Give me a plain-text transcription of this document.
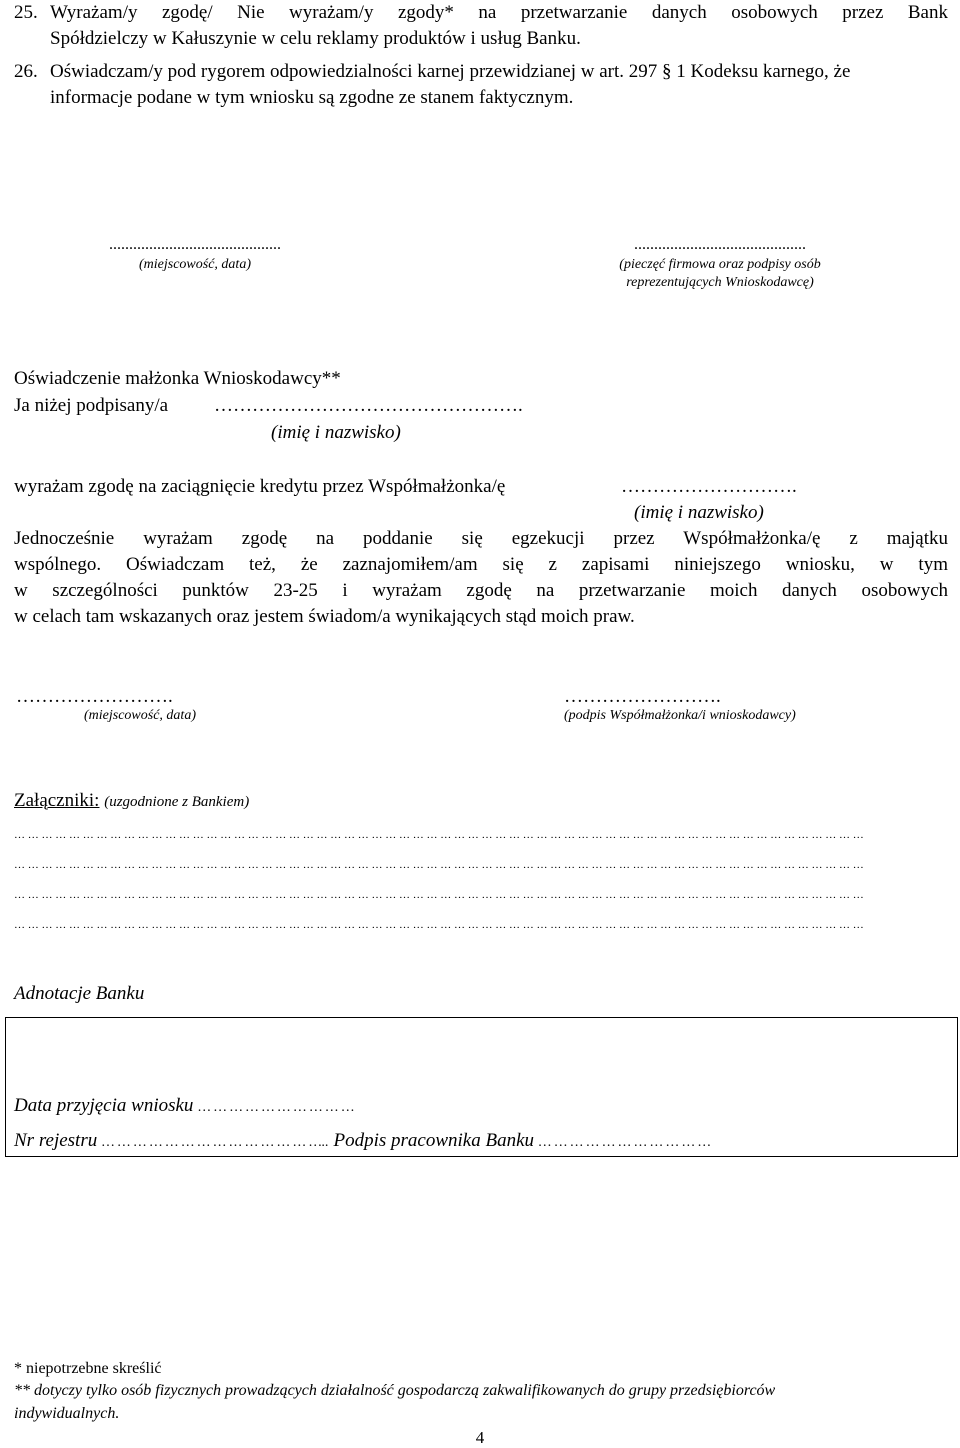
25. Wyrażam/y zgodę/ Nie wyrażam/y zgody* na przetwarzanie danych osobowych przez Bank
Spółdzielczy w Kałuszynie w celu reklamy produktów i usług Banku.
26. Oświadczam/y pod rygorem odpowiedzialności karnej przewidzianej w art. 297 § 1 Kodeksu karnego, że
informacje podane w tym wniosku są zgodne ze stanem faktycznym.
...........................................
(miejscowość, data)
...........................................
(pieczęć firmowa oraz podpisy osób
reprezentujących Wnioskodawcę)
Oświadczenie małżonka Wnioskodawcy**
Ja niżej podpisany/a ………………………………………….
(imię i nazwisko)
wyrażam zgodę na zaciągnięcie kredytu przez Współmałżonka/ę	……………………….
(imię i nazwisko)
Jednocześnie wyrażam zgodę na poddanie się egzekucji przez Współmałżonka/ę z majątku
wspólnego. Oświadczam też, że zaznajomiłem/am się z zapisami niniejszego wniosku, w tym
w szczególności punktów 23-25 i wyrażam zgodę na przetwarzanie moich danych osobowych
w celach tam wskazanych oraz jestem świadom/a wynikających stąd moich praw.
…………………….
(miejscowość, data)
…………………….
(podpis Współmałżonka/i wnioskodawcy)
Załączniki: (uzgodnione z Bankiem)
… … … … … … … … … … … … … … … … … … … … … … … … … … … … … … … … … … … … … … … … … … … … … … … … … … … … … … … … … … … … … …
… … … … … … … … … … … … … … … … … … … … … … … … … … … … … … … … … … … … … … … … … … … … … … … … … … … … … … … … … … … … … …
… … … … … … … … … … … … … … … … … … … … … … … … … … … … … … … … … … … … … … … … … … … … … … … … … … … … … … … … … … … … … …
… … … … … … … … … … … … … … … … … … … … … … … … … … … … … … … … … … … … … … … … … … … … … … … … … … … … … … … … … … … … … …
Adnotacje Banku
Data przyjęcia wniosku … … … … … … … … … …
Nr rejestru … … … … … … … … … … … … … ….. Podpis pracownika Banku … … … … … … … … … … …
* niepotrzebne skreślić
** dotyczy tylko osób fizycznych prowadzących działalność gospodarczą zakwalifikowanych do grupy przedsiębiorców
indywidualnych.
4
